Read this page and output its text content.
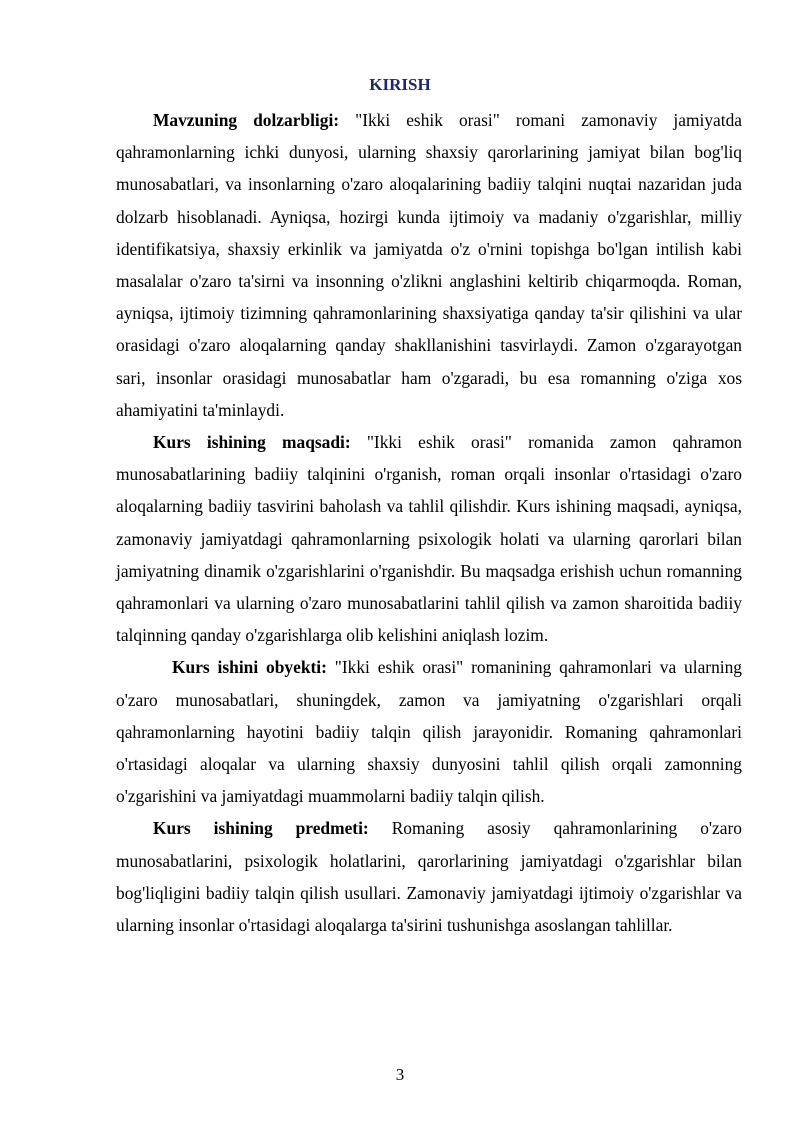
KIRISH

Mavzuning dolzarbligi: "Ikki eshik orasi" romani zamonaviy jamiyatda qahramonlarning ichki dunyosi, ularning shaxsiy qarorlarining jamiyat bilan bog'liq munosabatlari, va insonlarning o'zaro aloqalarining badiiy talqini nuqtai nazaridan juda dolzarb hisoblanadi. Ayniqsa, hozirgi kunda ijtimoiy va madaniy o'zgarishlar, milliy identifikatsiya, shaxsiy erkinlik va jamiyatda o'z o'rnini topishga bo'lgan intilish kabi masalalar o'zaro ta'sirni va insonning o'zlikni anglashini keltirib chiqarmoqda. Roman, ayniqsa, ijtimoiy tizimning qahramonlarining shaxsiyatiga qanday ta'sir qilishini va ular orasidagi o'zaro aloqalarning qanday shakllanishini tasvirlaydi. Zamon o'zgarayotgan sari, insonlar orasidagi munosabatlar ham o'zgaradi, bu esa romanning o'ziga xos ahamiyatini ta'minlaydi.

Kurs ishining maqsadi: "Ikki eshik orasi" romanida zamon qahramon munosabatlarining badiiy talqinini o'rganish, roman orqali insonlar o'rtasidagi o'zaro aloqalarning badiiy tasvirini baholash va tahlil qilishdir. Kurs ishining maqsadi, ayniqsa, zamonaviy jamiyatdagi qahramonlarning psixologik holati va ularning qarorlari bilan jamiyatning dinamik o'zgarishlarini o'rganishdir. Bu maqsadga erishish uchun romanning qahramonlari va ularning o'zaro munosabatlarini tahlil qilish va zamon sharoitida badiiy talqinning qanday o'zgarishlarga olib kelishini aniqlash lozim.

Kurs ishini obyekti: "Ikki eshik orasi" romanining qahramonlari va ularning o'zaro munosabatlari, shuningdek, zamon va jamiyatning o'zgarishlari orqali qahramonlarning hayotini badiiy talqin qilish jarayonidir. Romaning qahramonlari o'rtasidagi aloqalar va ularning shaxsiy dunyosini tahlil qilish orqali zamonning o'zgarishini va jamiyatdagi muammolarni badiiy talqin qilish.

Kurs ishining predmeti: Romaning asosiy qahramonlarining o'zaro munosabatlarini, psixologik holatlarini, qarorlarining jamiyatdagi o'zgarishlar bilan bog'liqligini badiiy talqin qilish usullari. Zamonaviy jamiyatdagi ijtimoiy o'zgarishlar va ularning insonlar o'rtasidagi aloqalarga ta'sirini tushunishga asoslangan tahlillar.

3
